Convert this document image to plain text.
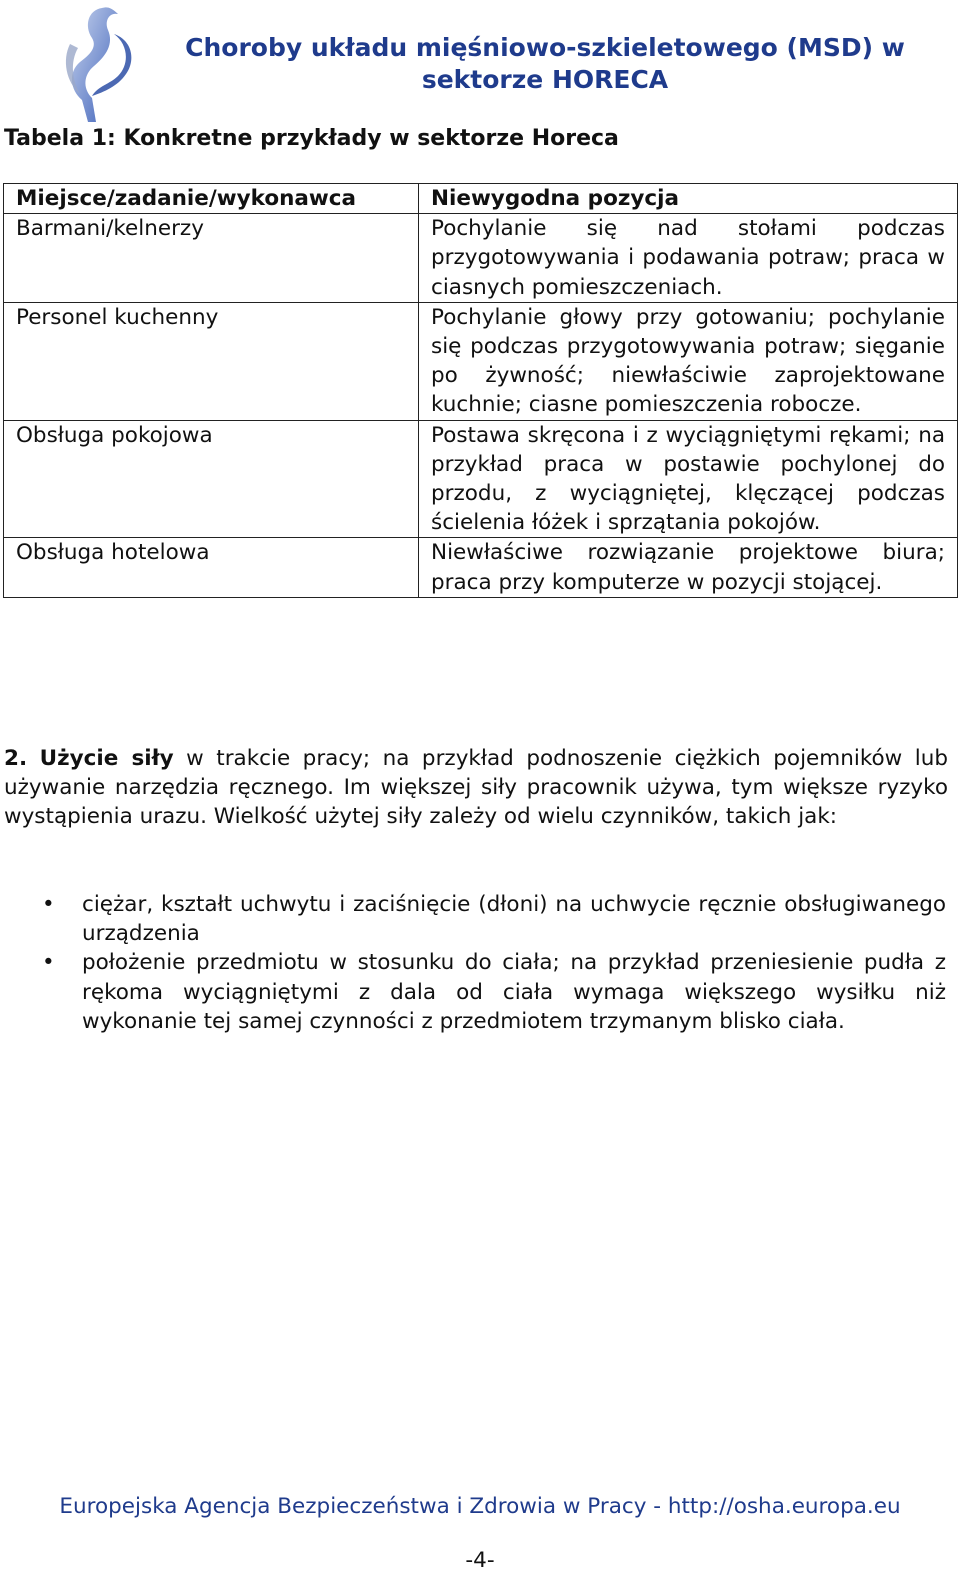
Choroby układu mięśniowo-szkieletowego (MSD) w sektorze HORECA
Tabela 1: Konkretne przykłady w sektorze Horeca
Miejsce/zadanie/wykonawca	Niewygodna pozycja
Barmani/kelnerzy	Pochylanie się nad stołami podczas przygotowywania i podawania potraw; praca w ciasnych pomieszczeniach.
Personel kuchenny	Pochylanie głowy przy gotowaniu; pochylanie się podczas przygotowywania potraw; sięganie po żywność; niewłaściwie zaprojektowane kuchnie; ciasne pomieszczenia robocze.
Obsługa pokojowa	Postawa skręcona i z wyciągniętymi rękami; na przykład praca w postawie pochylonej do przodu, z wyciągniętej, klęczącej podczas ścielenia łóżek i sprzątania pokojów.
Obsługa hotelowa	Niewłaściwe rozwiązanie projektowe biura; praca przy komputerze w pozycji stojącej.
2. Użycie siły w trakcie pracy; na przykład podnoszenie ciężkich pojemników lub używanie narzędzia ręcznego. Im większej siły pracownik używa, tym większe ryzyko wystąpienia urazu. Wielkość użytej siły zależy od wielu czynników, takich jak:
• ciężar, kształt uchwytu i zaciśnięcie (dłoni) na uchwycie ręcznie obsługiwanego urządzenia
• położenie przedmiotu w stosunku do ciała; na przykład przeniesienie pudła z rękoma wyciągniętymi z dala od ciała wymaga większego wysiłku niż wykonanie tej samej czynności z przedmiotem trzymanym blisko ciała.
Europejska Agencja Bezpieczeństwa i Zdrowia w Pracy - http://osha.europa.eu
-4-
